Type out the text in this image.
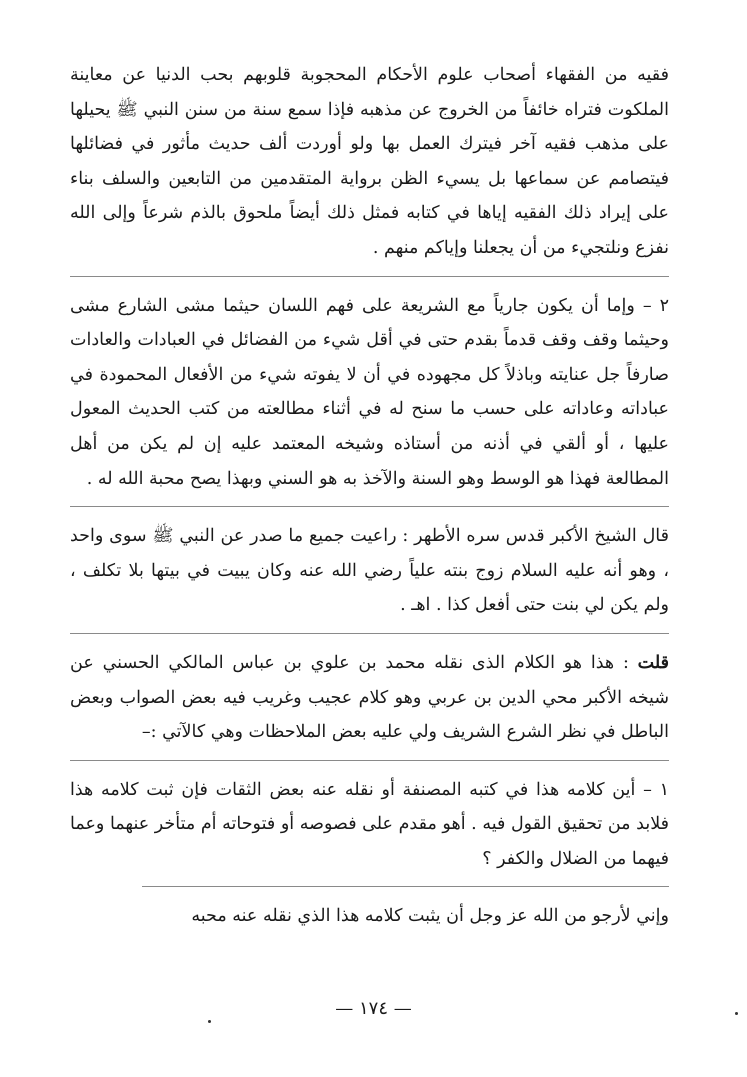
فقيه من الفقهاء أصحاب علوم الأحكام المحجوبة قلوبهم بحب الدنيا عن معاينة الملكوت فتراه خائفاً من الخروج عن مذهبه فإذا سمع سنة من سنن النبي ﷺ يحيلها على مذهب فقيه آخر فيترك العمل بها ولو أوردت ألف حديث مأثور في فضائلها فيتصامم عن سماعها بل يسيء الظن برواية المتقدمين من التابعين والسلف بناء على إيراد ذلك الفقيه إياها في كتابه فمثل ذلك أيضاً ملحوق بالذم شرعاً وإلى الله نفزع ونلتجيء من أن يجعلنا وإياكم منهم .

٢ – وإما أن يكون جارياً مع الشريعة على فهم اللسان حيثما مشى الشارع مشى وحيثما وقف وقف قدماً بقدم حتى في أقل شيء من الفضائل في العبادات والعادات صارفاً جل عنايته وباذلاً كل مجهوده في أن لا يفوته شيء من الأفعال المحمودة في عباداته وعاداته على حسب ما سنح له في أثناء مطالعته من كتب الحديث المعول عليها ، أو ألقي في أذنه من أستاذه وشيخه المعتمد عليه إن لم يكن من أهل المطالعة فهذا هو الوسط وهو السنة والآخذ به هو السني وبهذا يصح محبة الله له .

قال الشيخ الأكبر قدس سره الأطهر : راعيت جميع ما صدر عن النبي ﷺ سوى واحد ، وهو أنه عليه السلام زوج بنته علياً رضي الله عنه وكان يبيت في بيتها بلا تكلف ، ولم يكن لي بنت حتى أفعل كذا . اهـ .

قلت : هذا هو الكلام الذى نقله محمد بن علوي بن عباس المالكي الحسني عن شيخه الأكبر محي الدين بن عربي وهو كلام عجيب وغريب فيه بعض الصواب وبعض الباطل في نظر الشرع الشريف ولي عليه بعض الملاحظات وهي كالآتي :–

١ – أين كلامه هذا في كتبه المصنفة أو نقله عنه بعض الثقات فإن ثبت كلامه هذا فلابد من تحقيق القول فيه . أهو مقدم على فصوصه أو فتوحاته أم متأخر عنهما وعما فيهما من الضلال والكفر ؟

وإني لأرجو من الله عز وجل أن يثبت كلامه هذا الذي نقله عنه محبه

— ١٧٤ —
